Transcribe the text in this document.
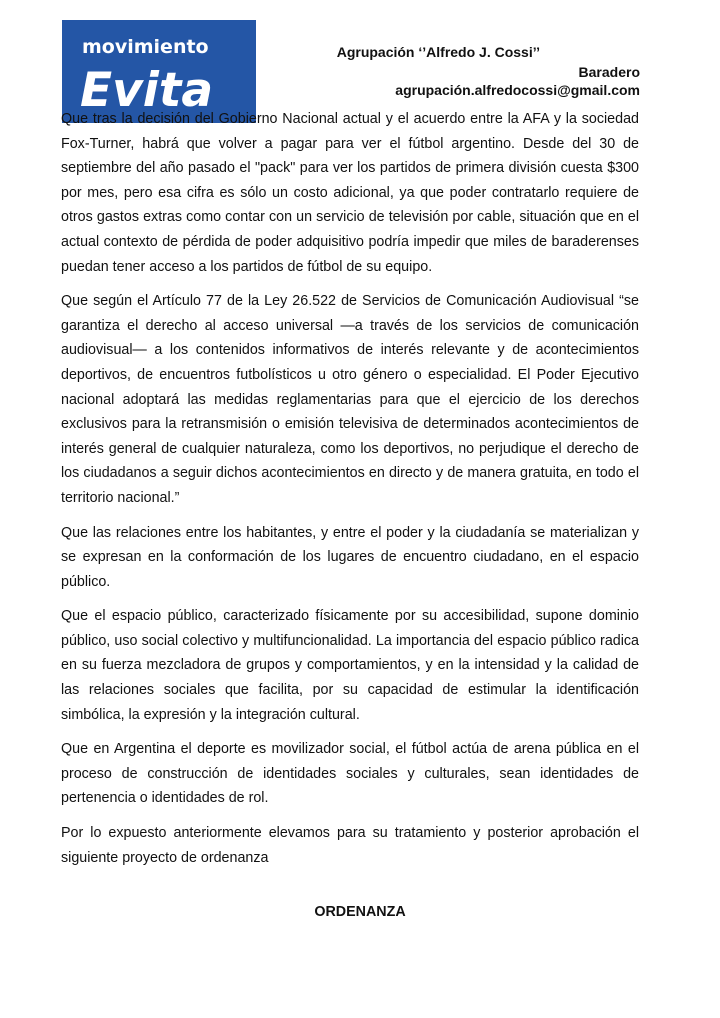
movimiento
Evita
Agrupación ‘’Alfredo J. Cossi’’
Baradero
agrupación.alfredocossi@gmail.com

Que tras la decisión del Gobierno Nacional actual y el acuerdo entre la AFA y la sociedad Fox-Turner, habrá que volver a pagar para ver el fútbol argentino. Desde del 30 de septiembre del año pasado el "pack" para ver los partidos de primera división cuesta $300 por mes, pero esa cifra es sólo un costo adicional, ya que poder contratarlo requiere de otros gastos extras como contar con un servicio de televisión por cable, situación que en el actual contexto de pérdida de poder adquisitivo podría impedir que miles de baraderenses puedan tener acceso a los partidos de fútbol de su equipo.

Que según el Artículo 77 de la Ley 26.522 de Servicios de Comunicación Audiovisual “se garantiza el derecho al acceso universal —a través de los servicios de comunicación audiovisual— a los contenidos informativos de interés relevante y de acontecimientos deportivos, de encuentros futbolísticos u otro género o especialidad. El Poder Ejecutivo nacional adoptará las medidas reglamentarias para que el ejercicio de los derechos exclusivos para la retransmisión o emisión televisiva de determinados acontecimientos de interés general de cualquier naturaleza, como los deportivos, no perjudique el derecho de los ciudadanos a seguir dichos acontecimientos en directo y de manera gratuita, en todo el territorio nacional.”

Que las relaciones entre los habitantes, y entre el poder y la ciudadanía se materializan y se expresan en la conformación de los lugares de encuentro ciudadano, en el espacio público.

Que el espacio público, caracterizado físicamente por su accesibilidad, supone dominio público, uso social colectivo y multifuncionalidad. La importancia del espacio público radica en su fuerza mezcladora de grupos y comportamientos, y en la intensidad y la calidad de las relaciones sociales que facilita, por su capacidad de estimular la identificación simbólica, la expresión y la integración cultural.

Que en Argentina el deporte es movilizador social, el fútbol actúa de arena pública en el proceso de construcción de identidades sociales y culturales, sean identidades de pertenencia o identidades de rol.

Por lo expuesto anteriormente elevamos para su tratamiento y posterior aprobación el siguiente proyecto de ordenanza

ORDENANZA
